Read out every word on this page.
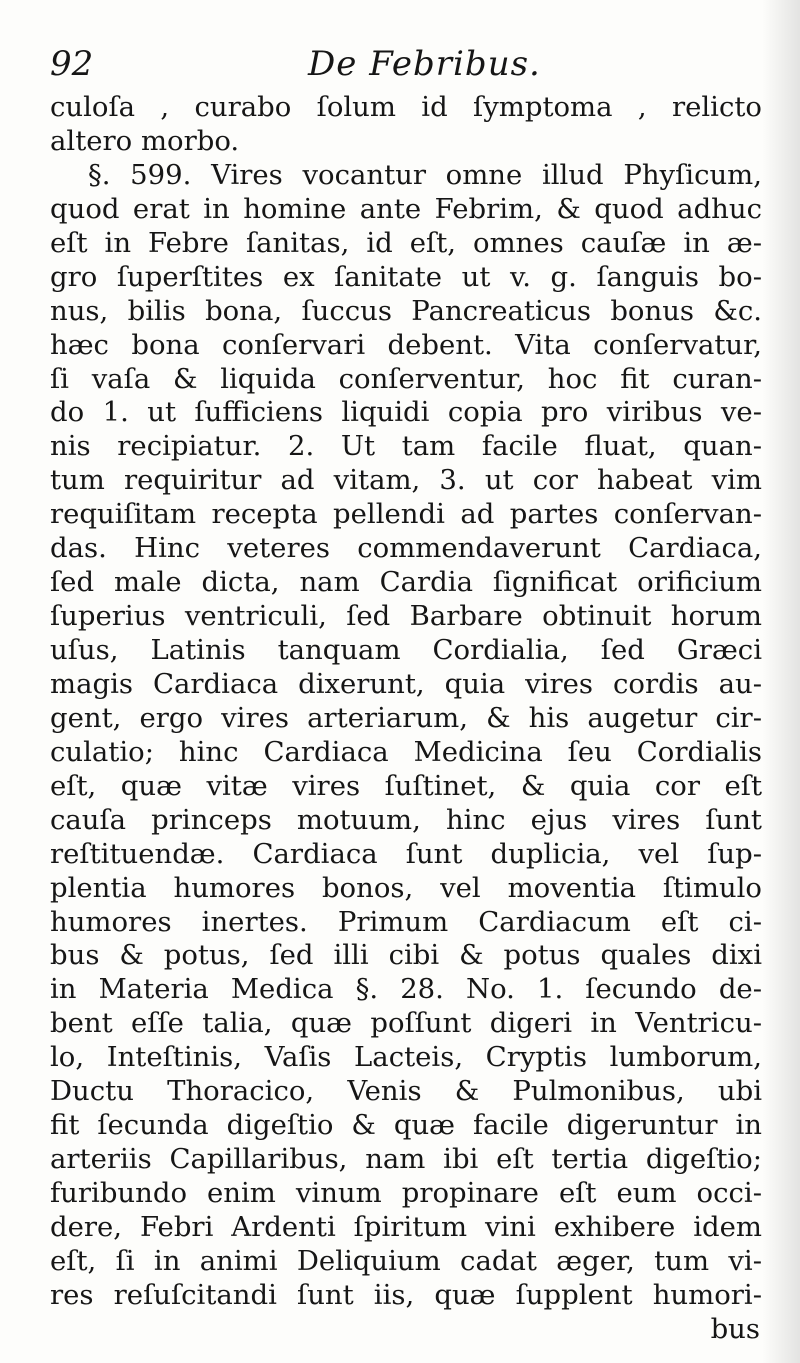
92	De Febribus.
culoſa , curabo ſolum id ſymptoma , relicto
altero morbo.
§. 599. Vires vocantur omne illud Phyſicum,
quod erat in homine ante Febrim, & quod adhuc
eſt in Febre ſanitas, id eſt, omnes cauſæ in æ-
gro ſuperſtites ex ſanitate ut v. g. ſanguis bo-
nus, bilis bona, ſuccus Pancreaticus bonus &c.
hæc bona conſervari debent. Vita conſervatur,
ſi vaſa & liquida conſerventur, hoc fit curan-
do 1. ut ſufficiens liquidi copia pro viribus ve-
nis recipiatur. 2. Ut tam facile fluat, quan-
tum requiritur ad vitam, 3. ut cor habeat vim
requiſitam recepta pellendi ad partes conſervan-
das. Hinc veteres commendaverunt Cardiaca,
ſed male dicta, nam Cardia ſignificat orificium
ſuperius ventriculi, ſed Barbare obtinuit horum
uſus, Latinis tanquam Cordialia, ſed Græci
magis Cardiaca dixerunt, quia vires cordis au-
gent, ergo vires arteriarum, & his augetur cir-
culatio; hinc Cardiaca Medicina ſeu Cordialis
eſt, quæ vitæ vires ſuſtinet, & quia cor eſt
cauſa princeps motuum, hinc ejus vires ſunt
reſtituendæ. Cardiaca ſunt duplicia, vel ſup-
plentia humores bonos, vel moventia ſtimulo
humores inertes. Primum Cardiacum eſt ci-
bus & potus, ſed illi cibi & potus quales dixi
in Materia Medica §. 28. No. 1. ſecundo de-
bent eſſe talia, quæ poſſunt digeri in Ventricu-
lo, Inteſtinis, Vaſis Lacteis, Cryptis lumborum,
Ductu Thoracico, Venis & Pulmonibus, ubi
fit ſecunda digeſtio & quæ facile digeruntur in
arteriis Capillaribus, nam ibi eſt tertia digeſtio;
furibundo enim vinum propinare eſt eum occi-
dere, Febri Ardenti ſpiritum vini exhibere idem
eſt, ſi in animi Deliquium cadat æger, tum vi-
res reſuſcitandi ſunt iis, quæ ſupplent humori-
bus
